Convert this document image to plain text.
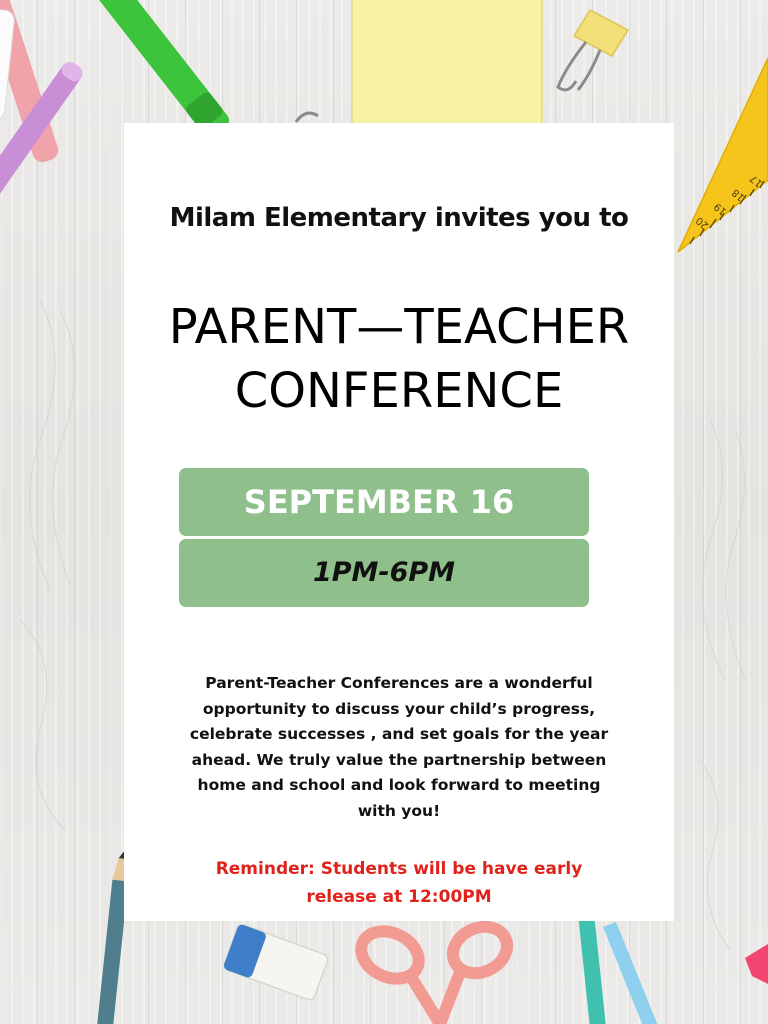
20
19
18
17
Milam Elementary invites you to
PARENT—TEACHER
CONFERENCE
SEPTEMBER 16
1PM-6PM
Parent-Teacher Conferences are a wonderful opportunity to discuss your child’s progress, celebrate successes , and set goals for the year ahead. We truly value the partnership between home and school and look forward to meeting with you!
Reminder: Students will be have early release at 12:00PM
